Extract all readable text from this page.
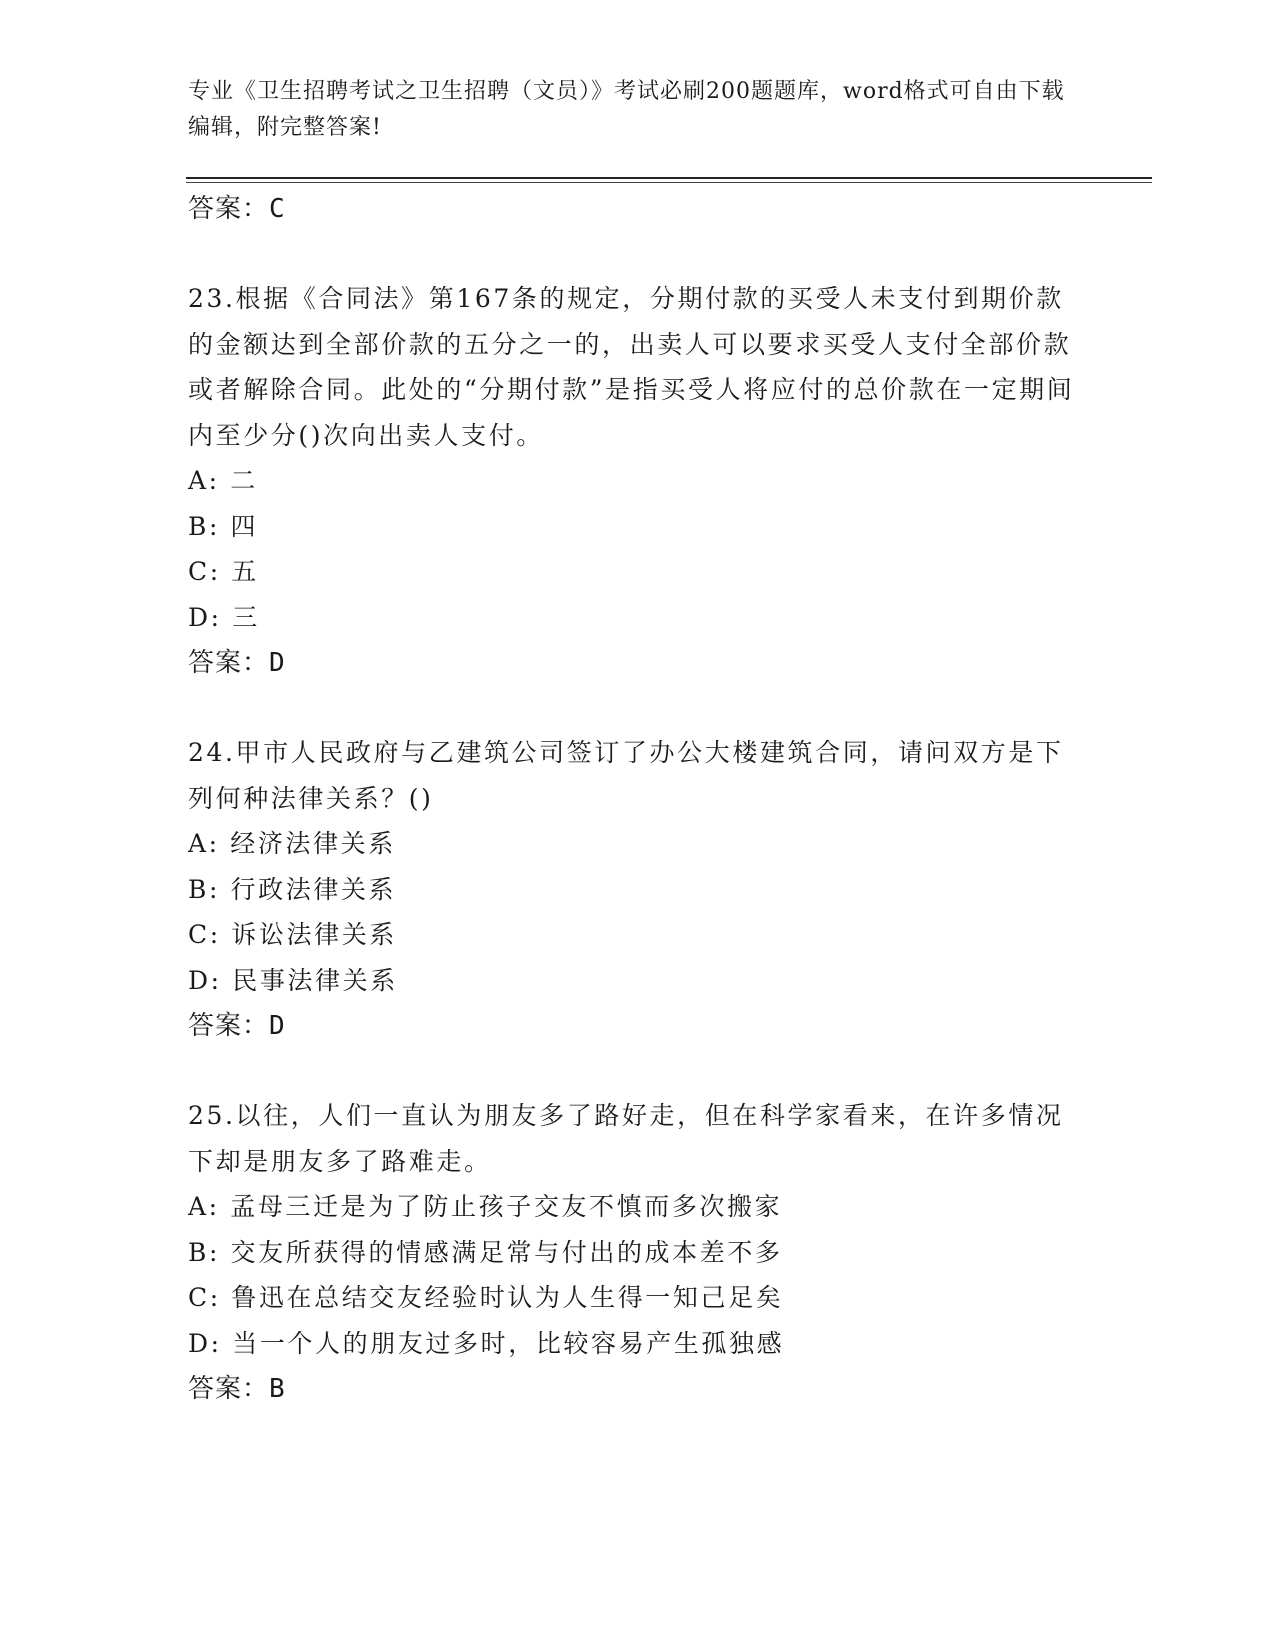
专业《卫生招聘考试之卫生招聘（文员）》考试必刷200题题库，word格式可自由下载编辑，附完整答案!
答案：C
23.根据《合同法》第167条的规定，分期付款的买受人未支付到期价款的金额达到全部价款的五分之一的，出卖人可以要求买受人支付全部价款或者解除合同。此处的“分期付款”是指买受人将应付的总价款在一定期间内至少分()次向出卖人支付。
A: 二
B: 四
C: 五
D: 三
答案：D
24.甲市人民政府与乙建筑公司签订了办公大楼建筑合同，请问双方是下列何种法律关系？()
A: 经济法律关系
B: 行政法律关系
C: 诉讼法律关系
D: 民事法律关系
答案：D
25.以往，人们一直认为朋友多了路好走，但在科学家看来，在许多情况下却是朋友多了路难走。
A: 孟母三迁是为了防止孩子交友不慎而多次搬家
B: 交友所获得的情感满足常与付出的成本差不多
C: 鲁迅在总结交友经验时认为人生得一知己足矣
D: 当一个人的朋友过多时，比较容易产生孤独感
答案：B
